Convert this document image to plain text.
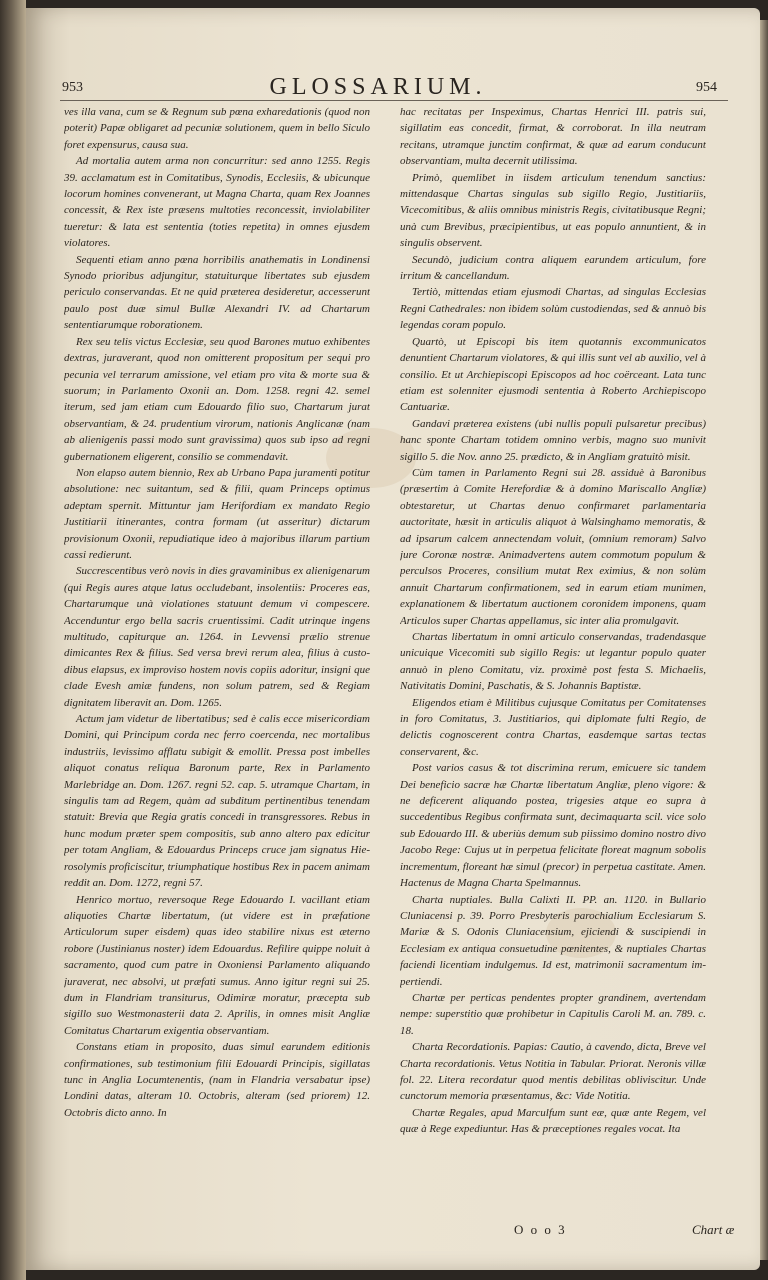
953	GLOSSARIUM.	954

ves illa vana, cum se & Regnum sub pœna exharedationis (quod non poterit) Papæ obligaret ad pecuniæ solutionem, quem in bello Siculo foret expensurus, causa sua.

Ad mortalia autem arma non concurritur: sed anno 1255. Regis 39. acclamatum est in Comitatibus, Synodis, Ecclesiis, & ubicunque locorum homines convenerant, ut Magna Charta, quam Rex Joannes concessit, & Rex iste præsens multoties reconcessit, inviolabiliter tueretur: & lata est sententia (toties repetita) in omnes ejusdem violatores.

Sequenti etiam anno pœna horribilis anathematis in Londinensi Synodo prioribus adjungitur, statuiturque libertates sub ejusdem periculo conservandas. Et ne quid præterea desideretur, accesserunt paulo post duæ simul Bullæ Alexandri IV. ad Chartarum sententiarumque roborationem.

Rex seu telis victus Ecclesiæ, seu quod Barones mutuo exhibentes dextras, juraverant, quod non omitterent propositum per sequi pro pecunia vel terrarum amissione, vel etiam pro vita & morte sua & suorum; in Parlamento Oxonii an. Dom. 1258. regni 42. semel iterum, sed jam etiam cum Edouardo filio suo, Chartarum jurat observantiam, & 24. prudentium virorum, nationis Anglicanæ (nam ab alienigenis passi modo sunt gravissima) quos sub ipso ad regni gubernationem eligerent, consilio se commendavit.

Non elapso autem biennio, Rex ab Urbano Papa juramenti potitur absolutione: nec suitantum, sed & filii, quam Princeps optimus adeptam spernit. Mittuntur jam Herifordiam ex mandato Regio Justitiarii itinerantes, contra formam (ut asseritur) dictarum provisionum Oxonii, repudiatique ideo à majoribus illarum partium cassi redierunt.

Succrescentibus verò novis in dies gravaminibus ex alienigenarum (qui Regis aures atque latus occludebant, insolentiis: Proceres eas, Chartarumque unà violationes statuunt demum vi compescere. Accenduntur ergo bella sacris cruentissimi. Cadit utrinque ingens multitudo, capiturque an. 1264. in Levvensi prælio strenue dimicantes Rex & filius. Sed versa brevi rerum alea, filius à custodibus elapsus, ex improviso hostem novis copiis adoritur, insigni que clade Evesh amiæ fundens, non solum patrem, sed & Regiam dignitatem liberavit an. Dom. 1265.

Actum jam videtur de libertatibus; sed è calis ecce misericordiam Domini, qui Principum corda nec ferro coercenda, nec mortalibus industriis, levissimo afflatu subigit & emollit. Pressa post imbelles aliquot conatus reliqua Baronum parte, Rex in Parlamento Marlebridge an. Dom. 1267. regni 52. cap. 5. utramque Chartam, in singulis tam ad Regem, quàm ad subditum pertinentibus tenendam statuit: Brevia que Regia gratis concedi in transgressores. Rebus in hunc modum præter spem compositis, sub anno altero pax edicitur per totam Angliam, & Edouardus Princeps cruce jam signatus Hierosolymis proficiscitur, triumphatique hostibus Rex in pacem animam reddit an. Dom. 1272, regni 57.

Henrico mortuo, reversoque Rege Edouardo I. vacillant etiam aliquoties Chartæ libertatum, (ut videre est in præfatione Articulorum super eisdem) quas ideo stabilire nixus est æterno robore (Justinianus noster) idem Edouardus. Refilire quippe noluit à sacramento, quod cum patre in Oxoniensi Parlamento aliquando juraverat, nec absolvi, ut præfati sumus. Anno igitur regni sui 25. dum in Flandriam transiturus, Odimiræ moratur, præcepta sub sigillo suo Westmonasterii data 2. Aprilis, in omnes misit Angliæ Comitatus Chartarum exigentia observantiam.

Constans etiam in proposito, duas simul earundem editionis confirmationes, sub testimonium filii Edouardi Principis, sigillatas tunc in Anglia Locumtenentis, (nam in Flandria versabatur ipse) Londini datas, alteram 10. Octobris, alteram (sed priorem) 12. Octobris dicto anno. In

hac recitatas per Inspeximus, Chartas Henrici III. patris sui, sigillatim eas concedit, firmat, & corroborat. In illa neutram recitans, utramque junctim confirmat, & quæ ad earum conducunt observantiam, multa decernit utilissima.

Primò, quemlibet in iisdem articulum tenendum sanctius: mittendasque Chartas singulas sub sigillo Regio, Justitiariis, Vicecomitibus, & aliis omnibus ministris Regis, civitatibusque Regni; unà cum Brevibus, præcipientibus, ut eas populo annuntient, & in singulis observent.

Secundò, judicium contra aliquem earundem articulum, fore irritum & cancellandum.

Tertiò, mittendas etiam ejusmodi Chartas, ad singulas Ecclesias Regni Cathedrales: non ibidem solùm custodiendas, sed & annuò bis legendas coram populo.

Quartò, ut Episcopi bis item quotannis excommunicatos denuntient Chartarum violatores, & qui illis sunt vel ab auxilio, vel à consilio. Et ut Archiepiscopi Episcopos ad hoc coërceant. Lata tunc etiam est solenniter ejusmodi sententia à Roberto Archiepiscopo Cantuariæ.

Gandavi præterea existens (ubi nullis populi pulsaretur precibus) hanc sponte Chartam totidem omnino verbis, magno suo munivit sigillo 5. die Nov. anno 25. prædicto, & in Angliam gratuitò misit.

Cùm tamen in Parlamento Regni sui 28. assiduè à Baronibus (præsertim à Comite Herefordiæ & à domino Mariscallo Angliæ) obtestaretur, ut Chartas denuo confirmaret parlamentaria auctoritate, hæsit in articulis aliquot à Walsinghamo memoratis, & ad ipsarum calcem annectendam voluit, (omnium remoram) Salvo jure Coronæ nostræ. Animadvertens autem commotum populum & perculsos Proceres, consilium mutat Rex eximius, & non solùm annuit Chartarum confirmationem, sed in earum etiam munimen, explanationem & libertatum auctionem coronidem imponens, quam Articulos super Chartas appellamus, sic inter alia promulgavit.

Chartas libertatum in omni articulo conservandas, tradendasque unicuique Vicecomiti sub sigillo Regis: ut legantur populo quater annuò in pleno Comitatu, viz. proximè post festa S. Michaelis, Nativitatis Domini, Paschatis, & S. Johannis Baptistæ.

Eligendos etiam è Militibus cujusque Comitatus per Comitatenses in foro Comitatus, 3. Justitiarios, qui diplomate fulti Regio, de delictis cognoscerent contra Chartas, easdemque sartas tectas conservarent, &c.

Post varios casus & tot discrimina rerum, emicuere sic tandem Dei beneficio sacræ hæ Chartæ libertatum Angliæ, pleno vigore: & ne deficerent aliquando postea, trigesies atque eo supra à succedentibus Regibus confirmata sunt, decimaquarta scil. vice solo sub Edouardo III. & uberiùs demum sub piissimo domino nostro divo Jacobo Rege: Cujus ut in perpetua felicitate floreat magnum sobolis incrementum, floreant hæ simul (precor) in perpetua castitate. Amen. Hactenus de Magna Charta Spelmannus.

Charta nuptiales. Bulla Calixti II. PP. an. 1120. in Bullario Cluniacensi p. 39. Porro Presbyteris parochialium Ecclesiarum S. Mariæ & S. Odonis Cluniacensium, ejiciendi & suscipiendi in Ecclesiam ex antiqua consuetudine pœnitentes, & nuptiales Chartas faciendi licentiam indulgemus. Id est, matrimonii sacramentum impertiendi.

Chartæ per perticas pendentes propter grandinem, avertendam nempe: superstitio quæ prohibetur in Capitulis Caroli M. an. 789. c. 18.

Charta Recordationis. Papias: Cautio, à cavendo, dicta, Breve vel Charta recordationis. Vetus Notitia in Tabular. Priorat. Neronis villæ fol. 22. Litera recordatur quod mentis debilitas obliviscitur. Unde cunctorum memoria præsentamus, &c: Vide Notitia.

Chartæ Regales, apud Marculfum sunt eæ, quæ ante Regem, vel quæ à Rege expediuntur. Has & præceptiones regales vocat. Ita

O o o 3	Chart æ
